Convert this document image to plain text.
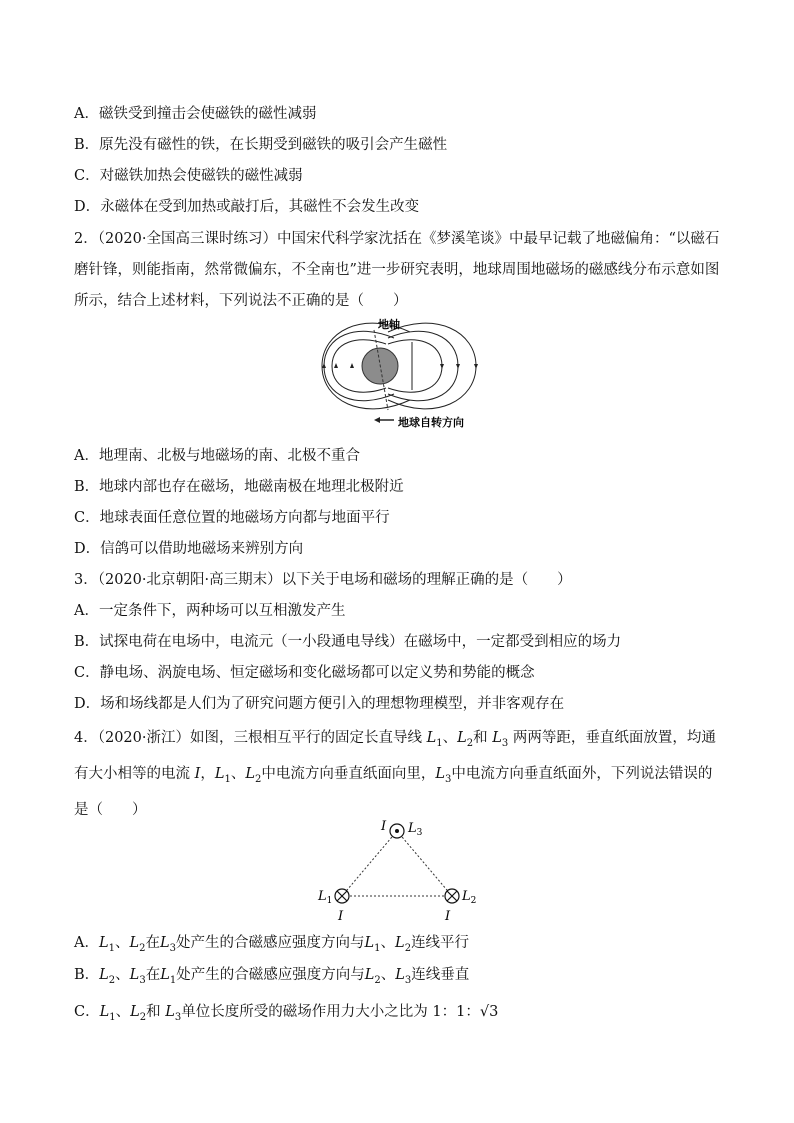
A．磁铁受到撞击会使磁铁的磁性减弱
B．原先没有磁性的铁，在长期受到磁铁的吸引会产生磁性
C．对磁铁加热会使磁铁的磁性减弱
D．永磁体在受到加热或敲打后，其磁性不会发生改变
2．（2020·全国高三课时练习）中国宋代科学家沈括在《梦溪笔谈》中最早记载了地磁偏角：“以磁石磨针锋，则能指南，然常微偏东，不全南也”进一步研究表明，地球周围地磁场的磁感线分布示意如图所示，结合上述材料，下列说法不正确的是（　　）
地轴
地球自转方向
A．地理南、北极与地磁场的南、北极不重合
B．地球内部也存在磁场，地磁南极在地理北极附近
C．地球表面任意位置的地磁场方向都与地面平行
D．信鸽可以借助地磁场来辨别方向
3．（2020·北京朝阳·高三期末）以下关于电场和磁场的理解正确的是（　　）
A．一定条件下，两种场可以互相激发产生
B．试探电荷在电场中，电流元（一小段通电导线）在磁场中，一定都受到相应的场力
C．静电场、涡旋电场、恒定磁场和变化磁场都可以定义势和势能的概念
D．场和场线都是人们为了研究问题方便引入的理想物理模型，并非客观存在
4．（2020·浙江）如图，三根相互平行的固定长直导线 $L_1$、$L_2$和 $L_3$ 两两等距，垂直纸面放置，均通有大小相等的电流 I，$L_1$、$L_2$中电流方向垂直纸面向里，$L_3$中电流方向垂直纸面外，下列说法错误的是（　　）
I $L_3$
$L_1$	$L_2$
I	I
A．$L_1$、$L_2$在$L_3$处产生的合磁感应强度方向与$L_1$、$L_2$连线平行
B．$L_2$、$L_3$在$L_1$处产生的合磁感应强度方向与$L_2$、$L_3$连线垂直
C．$L_1$、$L_2$和 $L_3$单位长度所受的磁场作用力大小之比为 1：1：√3
